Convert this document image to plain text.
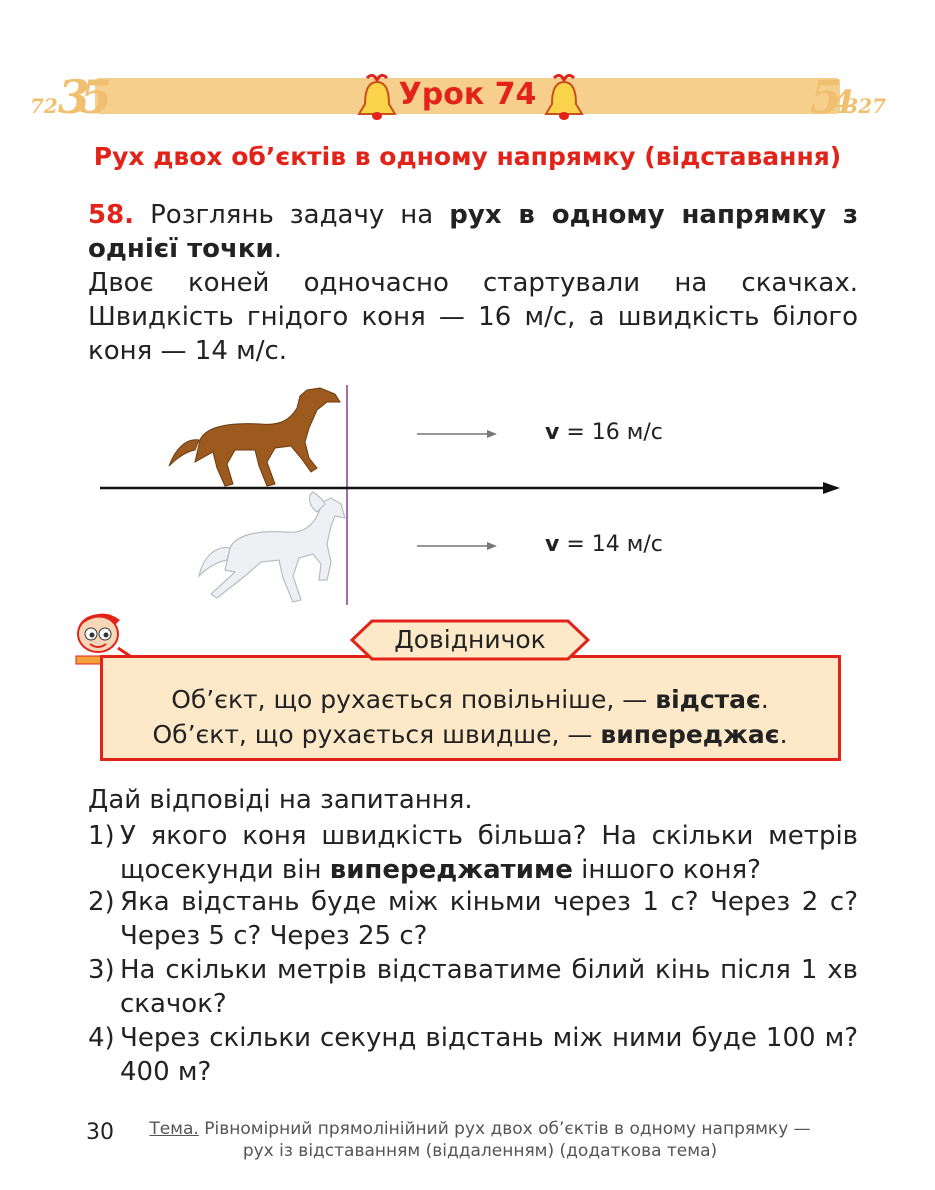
7235	54327
Урок 74
Рух двох об’єктів в одному напрямку (відставання)
58. Розглянь задачу на рух в одному напрямку з однієї точки.
Двоє коней одночасно стартували на скачках. Швидкість гнідого коня — 16 м/с, а швидкість білого коня — 14 м/с.
v = 16 м/с
v = 14 м/с
Довідничок
Об’єкт, що рухається повільніше, — відстає.
Об’єкт, що рухається швидше, — випереджає.
Дай відповіді на запитання.
1) У якого коня швидкість більша? На скільки метрів щосекунди він випереджатиме іншого коня?
2) Яка відстань буде між кіньми через 1 с? Через 2 с? Через 5 с? Через 25 с?
3) На скільки метрів відставатиме білий кінь після 1 хв скачок?
4) Через скільки секунд відстань між ними буде 100 м? 400 м?
30	Тема. Рівномірний прямолінійний рух двох об’єктів в одному напрямку —
рух із відставанням (віддаленням) (додаткова тема)
